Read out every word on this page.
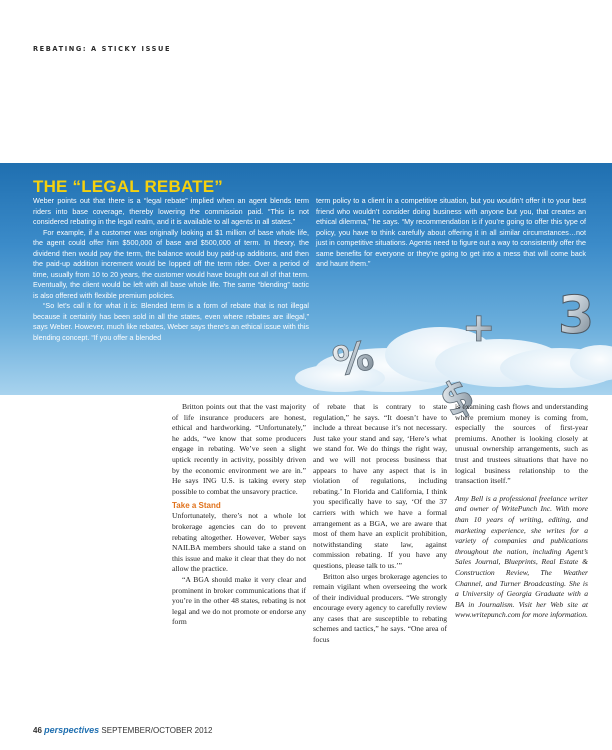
REBATING: A STICKY ISSUE
%
+ 3
$
THE “LEGAL REBATE”

Weber points out that there is a “legal rebate” implied when an agent blends term riders into base coverage, thereby lowering the commission paid. “This is not considered rebating in the legal realm, and it is available to all agents in all states.”

For example, if a customer was originally looking at $1 million of base whole life, the agent could offer him $500,000 of base and $500,000 of term. In theory, the dividend then would pay the term, the balance would buy paid-up additions, and then the paid-up addition increment would be lopped off the term rider. Over a period of time, usually from 10 to 20 years, the customer would have bought out all of that term. Eventually, the client would be left with all base whole life. The same “blending” tactic is also offered with flexible premium policies.

“So let’s call it for what it is: Blended term is a form of rebate that is not illegal because it certainly has been sold in all the states, even where rebates are illegal,” says Weber. However, much like rebates, Weber says there’s an ethical issue with this blending concept. “If you offer a blended

term policy to a client in a competitive situation, but you wouldn’t offer it to your best friend who wouldn’t consider doing business with anyone but you, that creates an ethical dilemma,” he says. “My recommendation is if you’re going to offer this type of policy, you have to think carefully about offering it in all similar circumstances…not just in competitive situations. Agents need to figure out a way to consistently offer the same benefits for everyone or they’re going to get into a mess that will come back and haunt them.”

Britton points out that the vast majority of life insurance producers are honest, ethical and hardworking. “Unfortunately,” he adds, “we know that some producers engage in rebating. We’ve seen a slight uptick recently in activity, possibly driven by the economic environment we are in.” He says ING U.S. is taking every step possible to combat the unsavory practice.

Take a Stand

Unfortunately, there’s not a whole lot brokerage agencies can do to prevent rebating altogether. However, Weber says NAILBA members should take a stand on this issue and make it clear that they do not allow the practice.

“A BGA should make it very clear and prominent in broker communications that if you’re in the other 48 states, rebating is not legal and we do not promote or endorse any form

of rebate that is contrary to state regulation,” he says. “It doesn’t have to include a threat because it’s not necessary. Just take your stand and say, ‘Here’s what we stand for. We do things the right way, and we will not process business that appears to have any aspect that is in violation of regulations, including rebating.’ In Florida and California, I think you specifically have to say, ‘Of the 37 carriers with which we have a formal arrangement as a BGA, we are aware that most of them have an explicit prohibition, notwithstanding state law, against commission rebating. If you have any questions, please talk to us.’”

Britton also urges brokerage agencies to remain vigilant when overseeing the work of their individual producers. “We strongly encourage every agency to carefully review any cases that are susceptible to rebating schemes and tactics,” he says. “One area of focus

is examining cash flows and understanding where premium money is coming from, especially the sources of first-year premiums. Another is looking closely at unusual ownership arrangements, such as trust and trustees situations that have no logical business relationship to the transaction itself.”

Amy Bell is a professional freelance writer and owner of WritePunch Inc. With more than 10 years of writing, editing, and marketing experience, she writes for a variety of companies and publications throughout the nation, including Agent’s Sales Journal, Blueprints, Real Estate & Construction Review, The Weather Channel, and Turner Broadcasting. She is a University of Georgia Graduate with a BA in Journalism. Visit her Web site at www.writepunch.com for more information.

46 perspectives SEPTEMBER/OCTOBER 2012
